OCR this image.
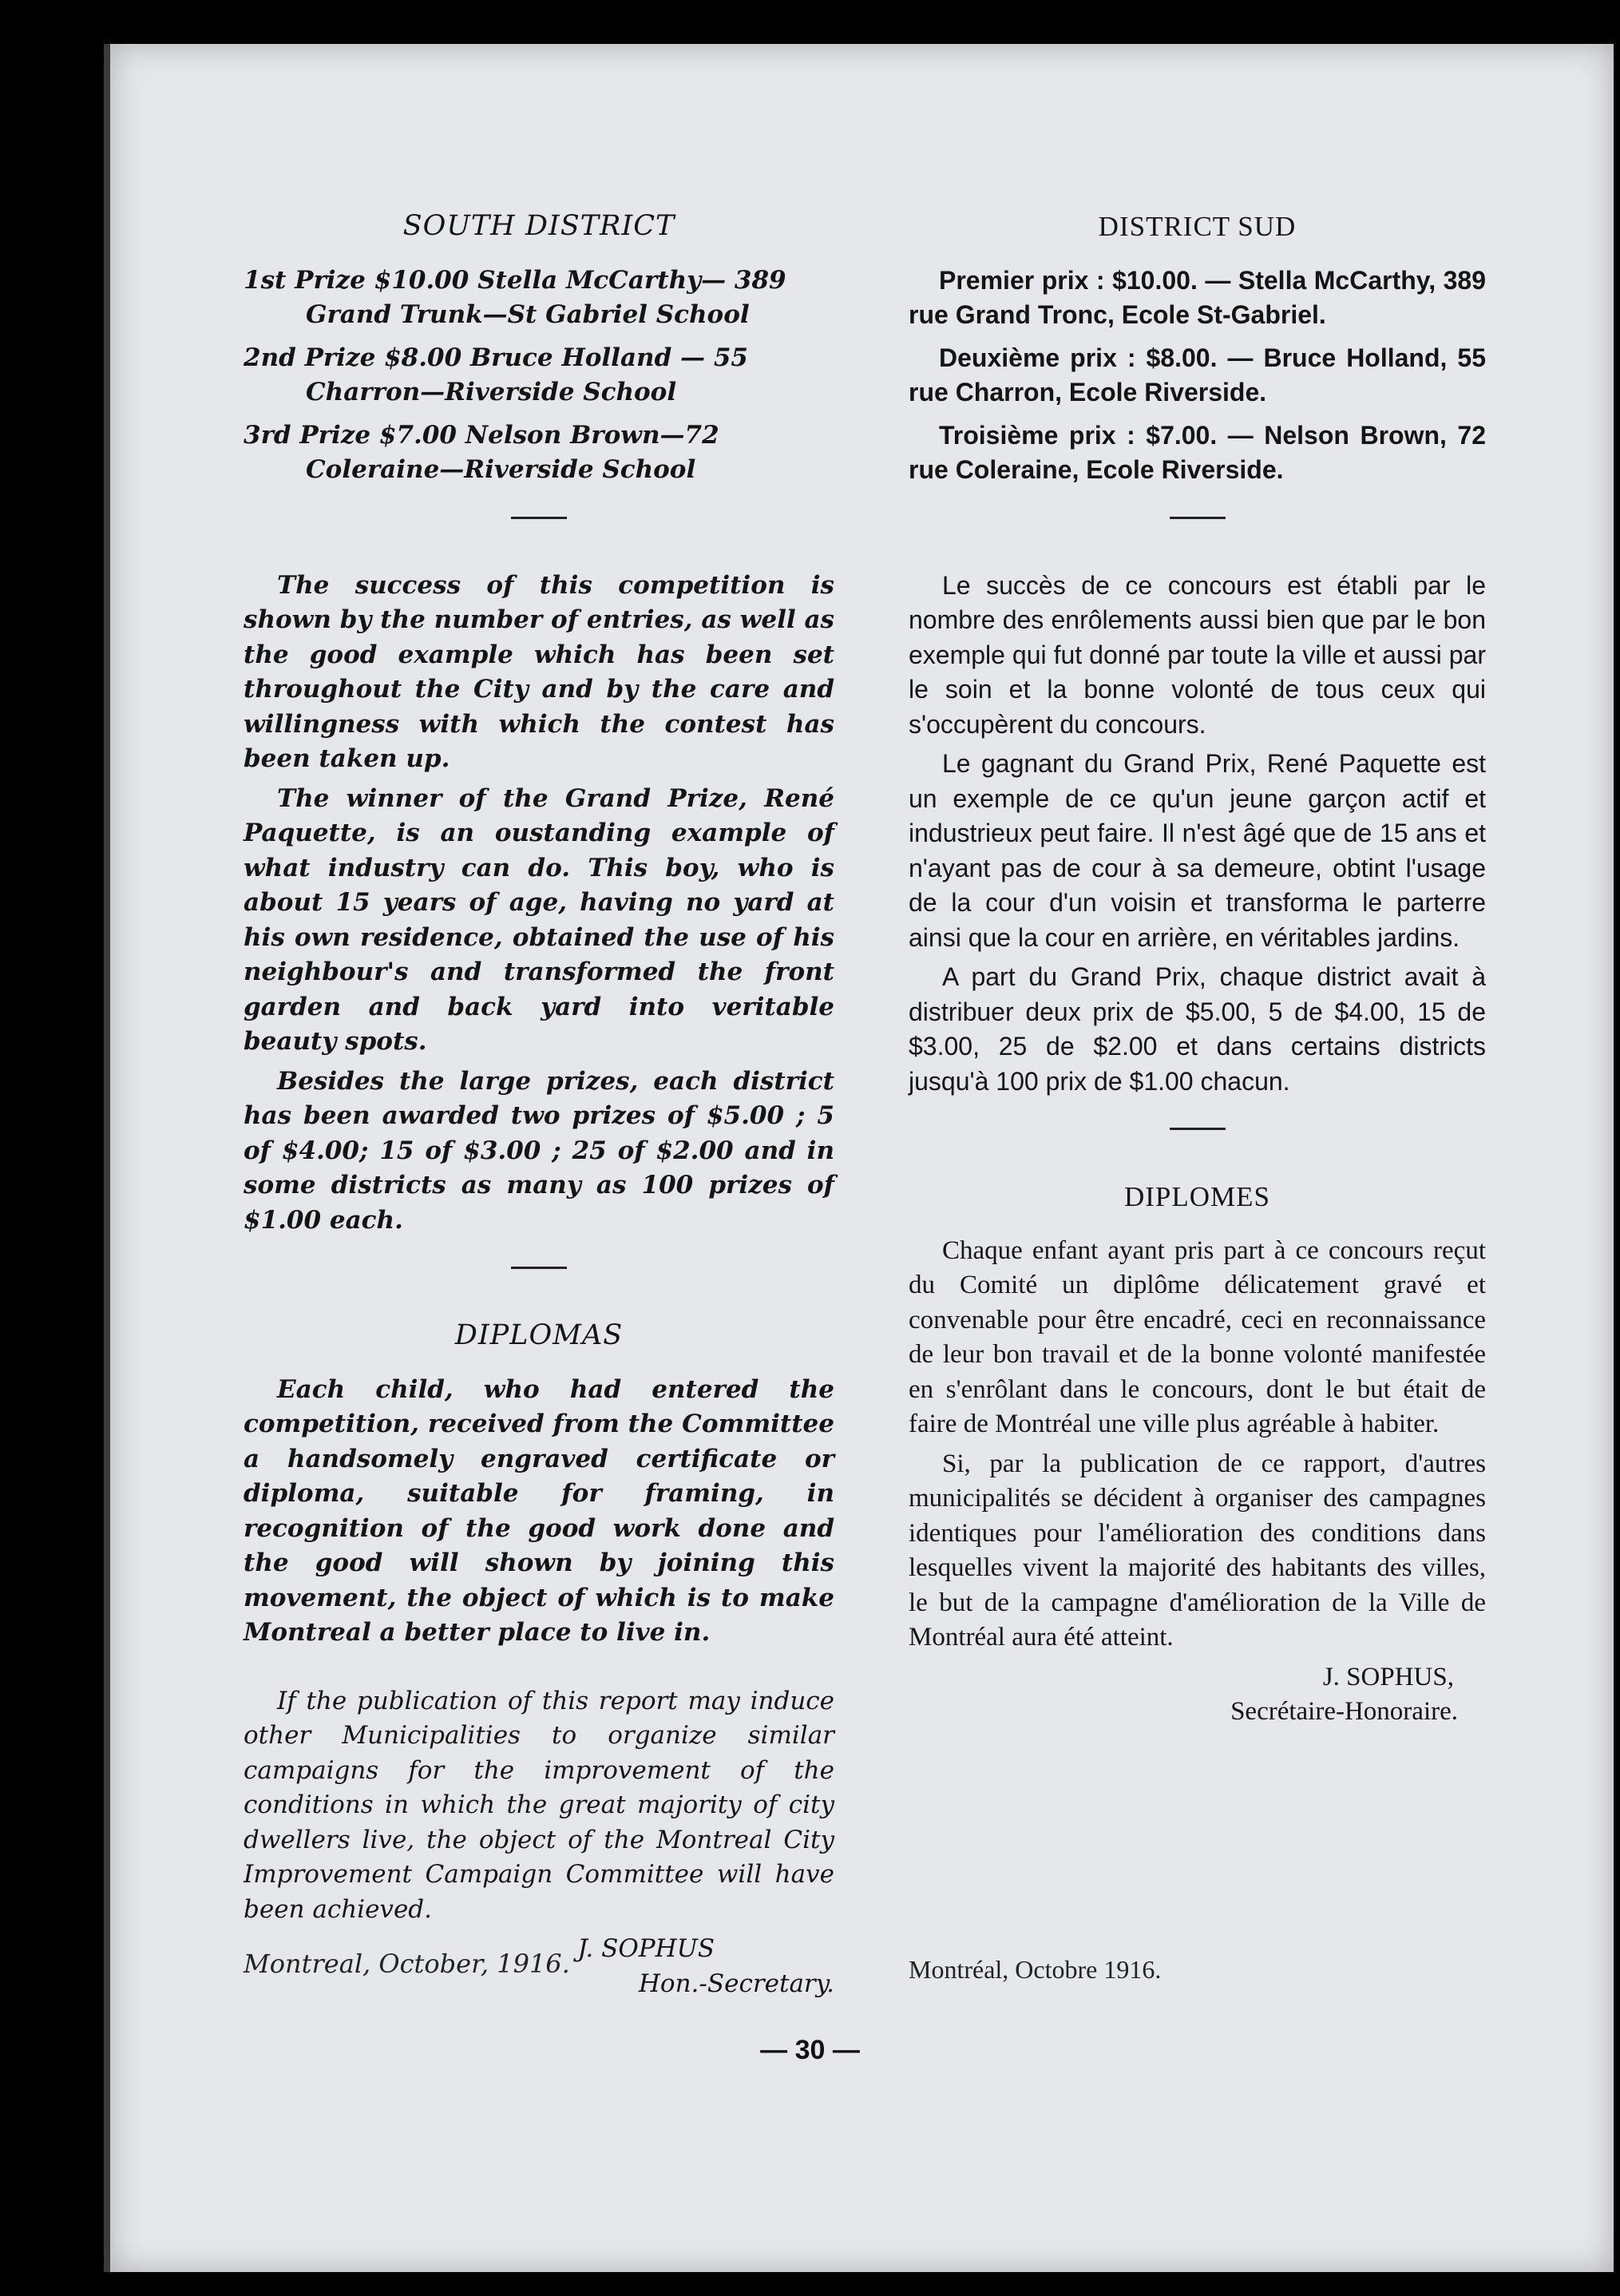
SOUTH DISTRICT
1st Prize $10.00 Stella McCarthy— 389 Grand Trunk—St Gabriel School
2nd Prize $8.00 Bruce Holland — 55 Charron—Riverside School
3rd Prize $7.00 Nelson Brown—72 Coleraine—Riverside School
The success of this competition is shown by the number of entries, as well as the good example which has been set throughout the City and by the care and willingness with which the contest has been taken up.
The winner of the Grand Prize, René Paquette, is an oustanding example of what industry can do. This boy, who is about 15 years of age, having no yard at his own residence, obtained the use of his neighbour's and transformed the front garden and back yard into veritable beauty spots.
Besides the large prizes, each district has been awarded two prizes of $5.00 ; 5 of $4.00; 15 of $3.00 ; 25 of $2.00 and in some districts as many as 100 prizes of $1.00 each.
DIPLOMAS
Each child, who had entered the competition, received from the Committee a handsomely engraved certificate or diploma, suitable for framing, in recognition of the good work done and the good will shown by joining this movement, the object of which is to make Montreal a better place to live in.
If the publication of this report may induce other Municipalities to organize similar campaigns for the improvement of the conditions in which the great majority of city dwellers live, the object of the Montreal City Improvement Campaign Committee will have been achieved.
J. SOPHUS
Hon.-Secretary.
DISTRICT SUD
Premier prix : $10.00. — Stella McCarthy, 389 rue Grand Tronc, Ecole St-Gabriel.
Deuxième prix : $8.00. — Bruce Holland, 55 rue Charron, Ecole Riverside.
Troisième prix : $7.00. — Nelson Brown, 72 rue Coleraine, Ecole Riverside.
Le succès de ce concours est établi par le nombre des enrôlements aussi bien que par le bon exemple qui fut donné par toute la ville et aussi par le soin et la bonne volonté de tous ceux qui s'occupèrent du concours.
Le gagnant du Grand Prix, René Paquette est un exemple de ce qu'un jeune garçon actif et industrieux peut faire. Il n'est âgé que de 15 ans et n'ayant pas de cour à sa demeure, obtint l'usage de la cour d'un voisin et transforma le parterre ainsi que la cour en arrière, en véritables jardins.
A part du Grand Prix, chaque district avait à distribuer deux prix de $5.00, 5 de $4.00, 15 de $3.00, 25 de $2.00 et dans certains districts jusqu'à 100 prix de $1.00 chacun.
DIPLOMES
Chaque enfant ayant pris part à ce concours reçut du Comité un diplôme délicatement gravé et convenable pour être encadré, ceci en reconnaissance de leur bon travail et de la bonne volonté manifestée en s'enrôlant dans le concours, dont le but était de faire de Montréal une ville plus agréable à habiter.
Si, par la publication de ce rapport, d'autres municipalités se décident à organiser des campagnes identiques pour l'amélioration des conditions dans lesquelles vivent la majorité des habitants des villes, le but de la campagne d'amélioration de la Ville de Montréal aura été atteint.
J. SOPHUS,
Secrétaire-Honoraire.
Montreal, October, 1916.	Montréal, Octobre 1916.
— 30 —
